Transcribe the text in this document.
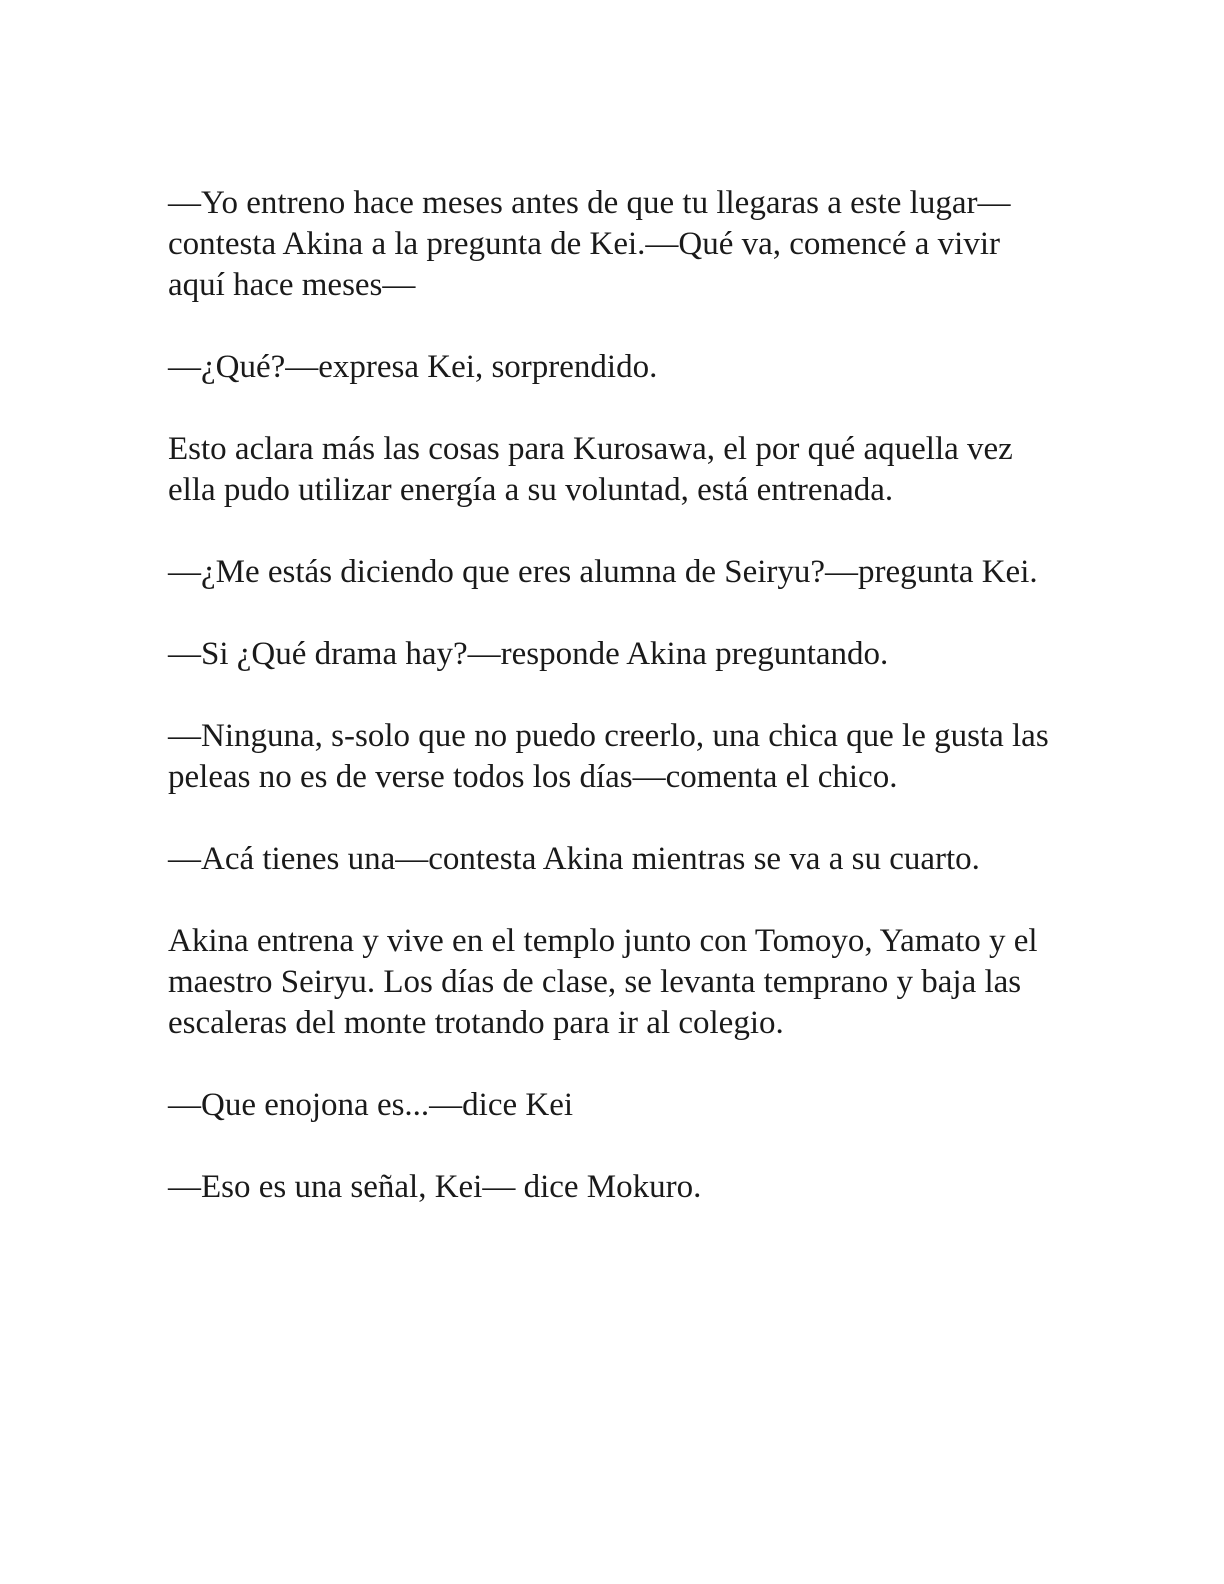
—Yo entreno hace meses antes de que tu llegaras a este lugar—contesta Akina a la pregunta de Kei.—Qué va, comencé a vivir aquí hace meses—

—¿Qué?—expresa Kei, sorprendido.

Esto aclara más las cosas para Kurosawa, el por qué aquella vez ella pudo utilizar energía a su voluntad, está entrenada.

—¿Me estás diciendo que eres alumna de Seiryu?—pregunta Kei.

—Si ¿Qué drama hay?—responde Akina preguntando.

—Ninguna, s-solo que no puedo creerlo, una chica que le gusta las peleas no es de verse todos los días—comenta el chico.

—Acá tienes una—contesta Akina mientras se va a su cuarto.

Akina entrena y vive en el templo junto con Tomoyo, Yamato y el maestro Seiryu. Los días de clase, se levanta temprano y baja las escaleras del monte trotando para ir al colegio.

—Que enojona es...—dice Kei

—Eso es una señal, Kei— dice Mokuro.
